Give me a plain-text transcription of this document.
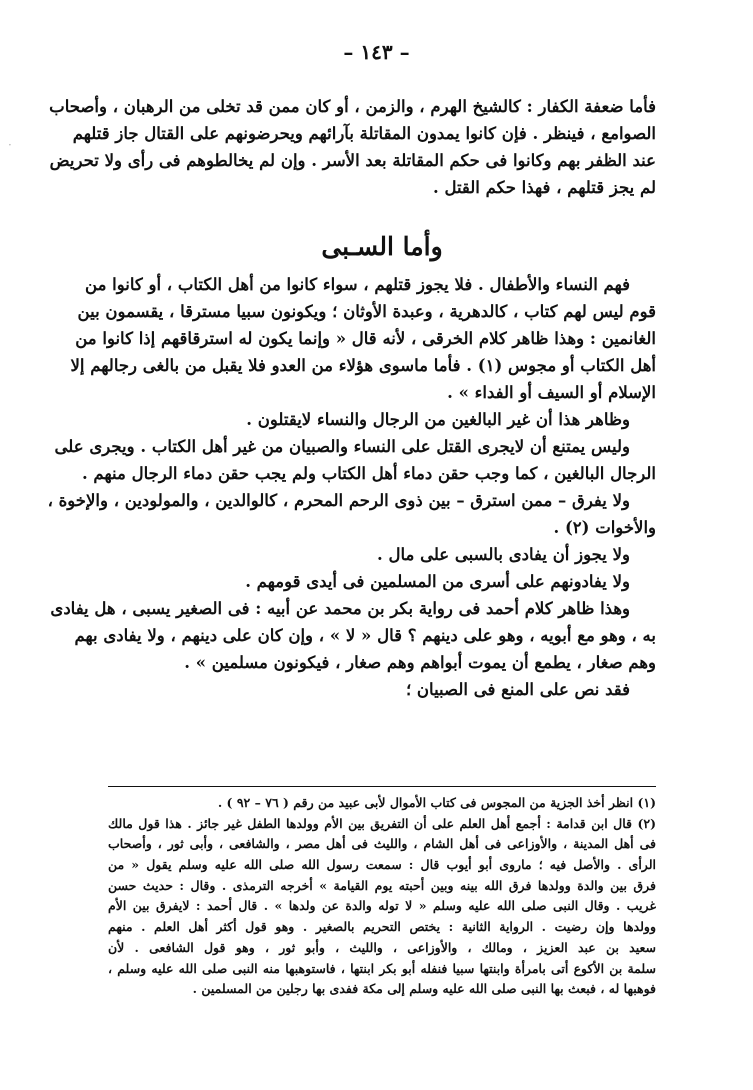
– ١٤٣ –
فأما ضعفة الكفار : كالشيخ الهرم ، والزمن ، أو كان ممن قد تخلى من الرهبان ، وأصحاب
الصوامع ، فينظر . فإن كانوا يمدون المقاتلة بآرائهم ويحرضونهم على القتال جاز قتلهم
عند الظفر بهم وكانوا فى حكم المقاتلة بعد الأسر . وإن لم يخالطوهم فى رأى ولا تحريض
لم يجز قتلهم ، فهذا حكم القتل .
وأما السـبى
فهم النساء والأطفال . فلا يجوز قتلهم ، سواء كانوا من أهل الكتاب ، أو كانوا من
قوم ليس لهم كتاب ، كالدهرية ، وعبدة الأوثان ؛ ويكونون سبيا مسترقا ، يقسمون بين
الغانمين : وهذا ظاهر كلام الخرقى ، لأنه قال « وإنما يكون له استرقاقهم إذا كانوا من
أهل الكتاب أو مجوس (١) . فأما ماسوى هؤلاء من العدو فلا يقبل من بالغى رجالهم إلا
الإسلام أو السيف أو الفداء » .
وظاهر هذا أن غير البالغين من الرجال والنساء لايقتلون .
وليس يمتنع أن لايجرى القتل على النساء والصبيان من غير أهل الكتاب . ويجرى على
الرجال البالغين ، كما وجب حقن دماء أهل الكتاب ولم يجب حقن دماء الرجال منهم .
ولا يفرق – ممن استرق – بين ذوى الرحم المحرم ، كالوالدين ، والمولودين ، والإخوة ،
والأخوات (٢) .
ولا يجوز أن يفادى بالسبى على مال .
ولا يفادونهم على أسرى من المسلمين فى أيدى قومهم .
وهذا ظاهر كلام أحمد فى رواية بكر بن محمد عن أبيه : فى الصغير يسبى ، هل يفادى
به ، وهو مع أبويه ، وهو على دينهم ؟ قال « لا » ، وإن كان على دينهم ، ولا يفادى بهم
وهم صغار ، يطمع أن يموت أبواهم وهم صغار ، فيكونون مسلمين » .
فقد نص على المنع فى الصبيان ؛
(١) انظر أخذ الجزية من المجوس فى كتاب الأموال لأبى عبيد من رقم ( ٧٦ – ٩٢ ) .
(٢) قال ابن قدامة : أجمع أهل العلم على أن التفريق بين الأم وولدها الطفل غير جائز . هذا قول مالك
فى أهل المدينة ، والأوزاعى فى أهل الشام ، والليث فى أهل مصر ، والشافعى ، وأبى ثور ، وأصحاب
الرأى . والأصل فيه ؛ ماروى أبو أيوب قال : سمعت رسول الله صلى الله عليه وسلم يقول « من
فرق بين والدة وولدها فرق الله بينه وبين أحبته يوم القيامة » أخرجه الترمذى . وقال : حديث حسن
غريب . وقال النبى صلى الله عليه وسلم « لا توله والدة عن ولدها » . قال أحمد : لايفرق بين الأم
وولدها وإن رضيت . الرواية الثانية : يختص التحريم بالصغير . وهو قول أكثر أهل العلم . منهم
سعيد بن عبد العزيز ، ومالك ، والأوزاعى ، والليث ، وأبو ثور ، وهو قول الشافعى . لأن
سلمة بن الأكوع أتى بامرأة وابنتها سبيا فنفله أبو بكر ابنتها ، فاستوهبها منه النبى صلى الله عليه وسلم ،
فوهبها له ، فبعث بها النبى صلى الله عليه وسلم إلى مكة ففدى بها رجلين من المسلمين .
·
